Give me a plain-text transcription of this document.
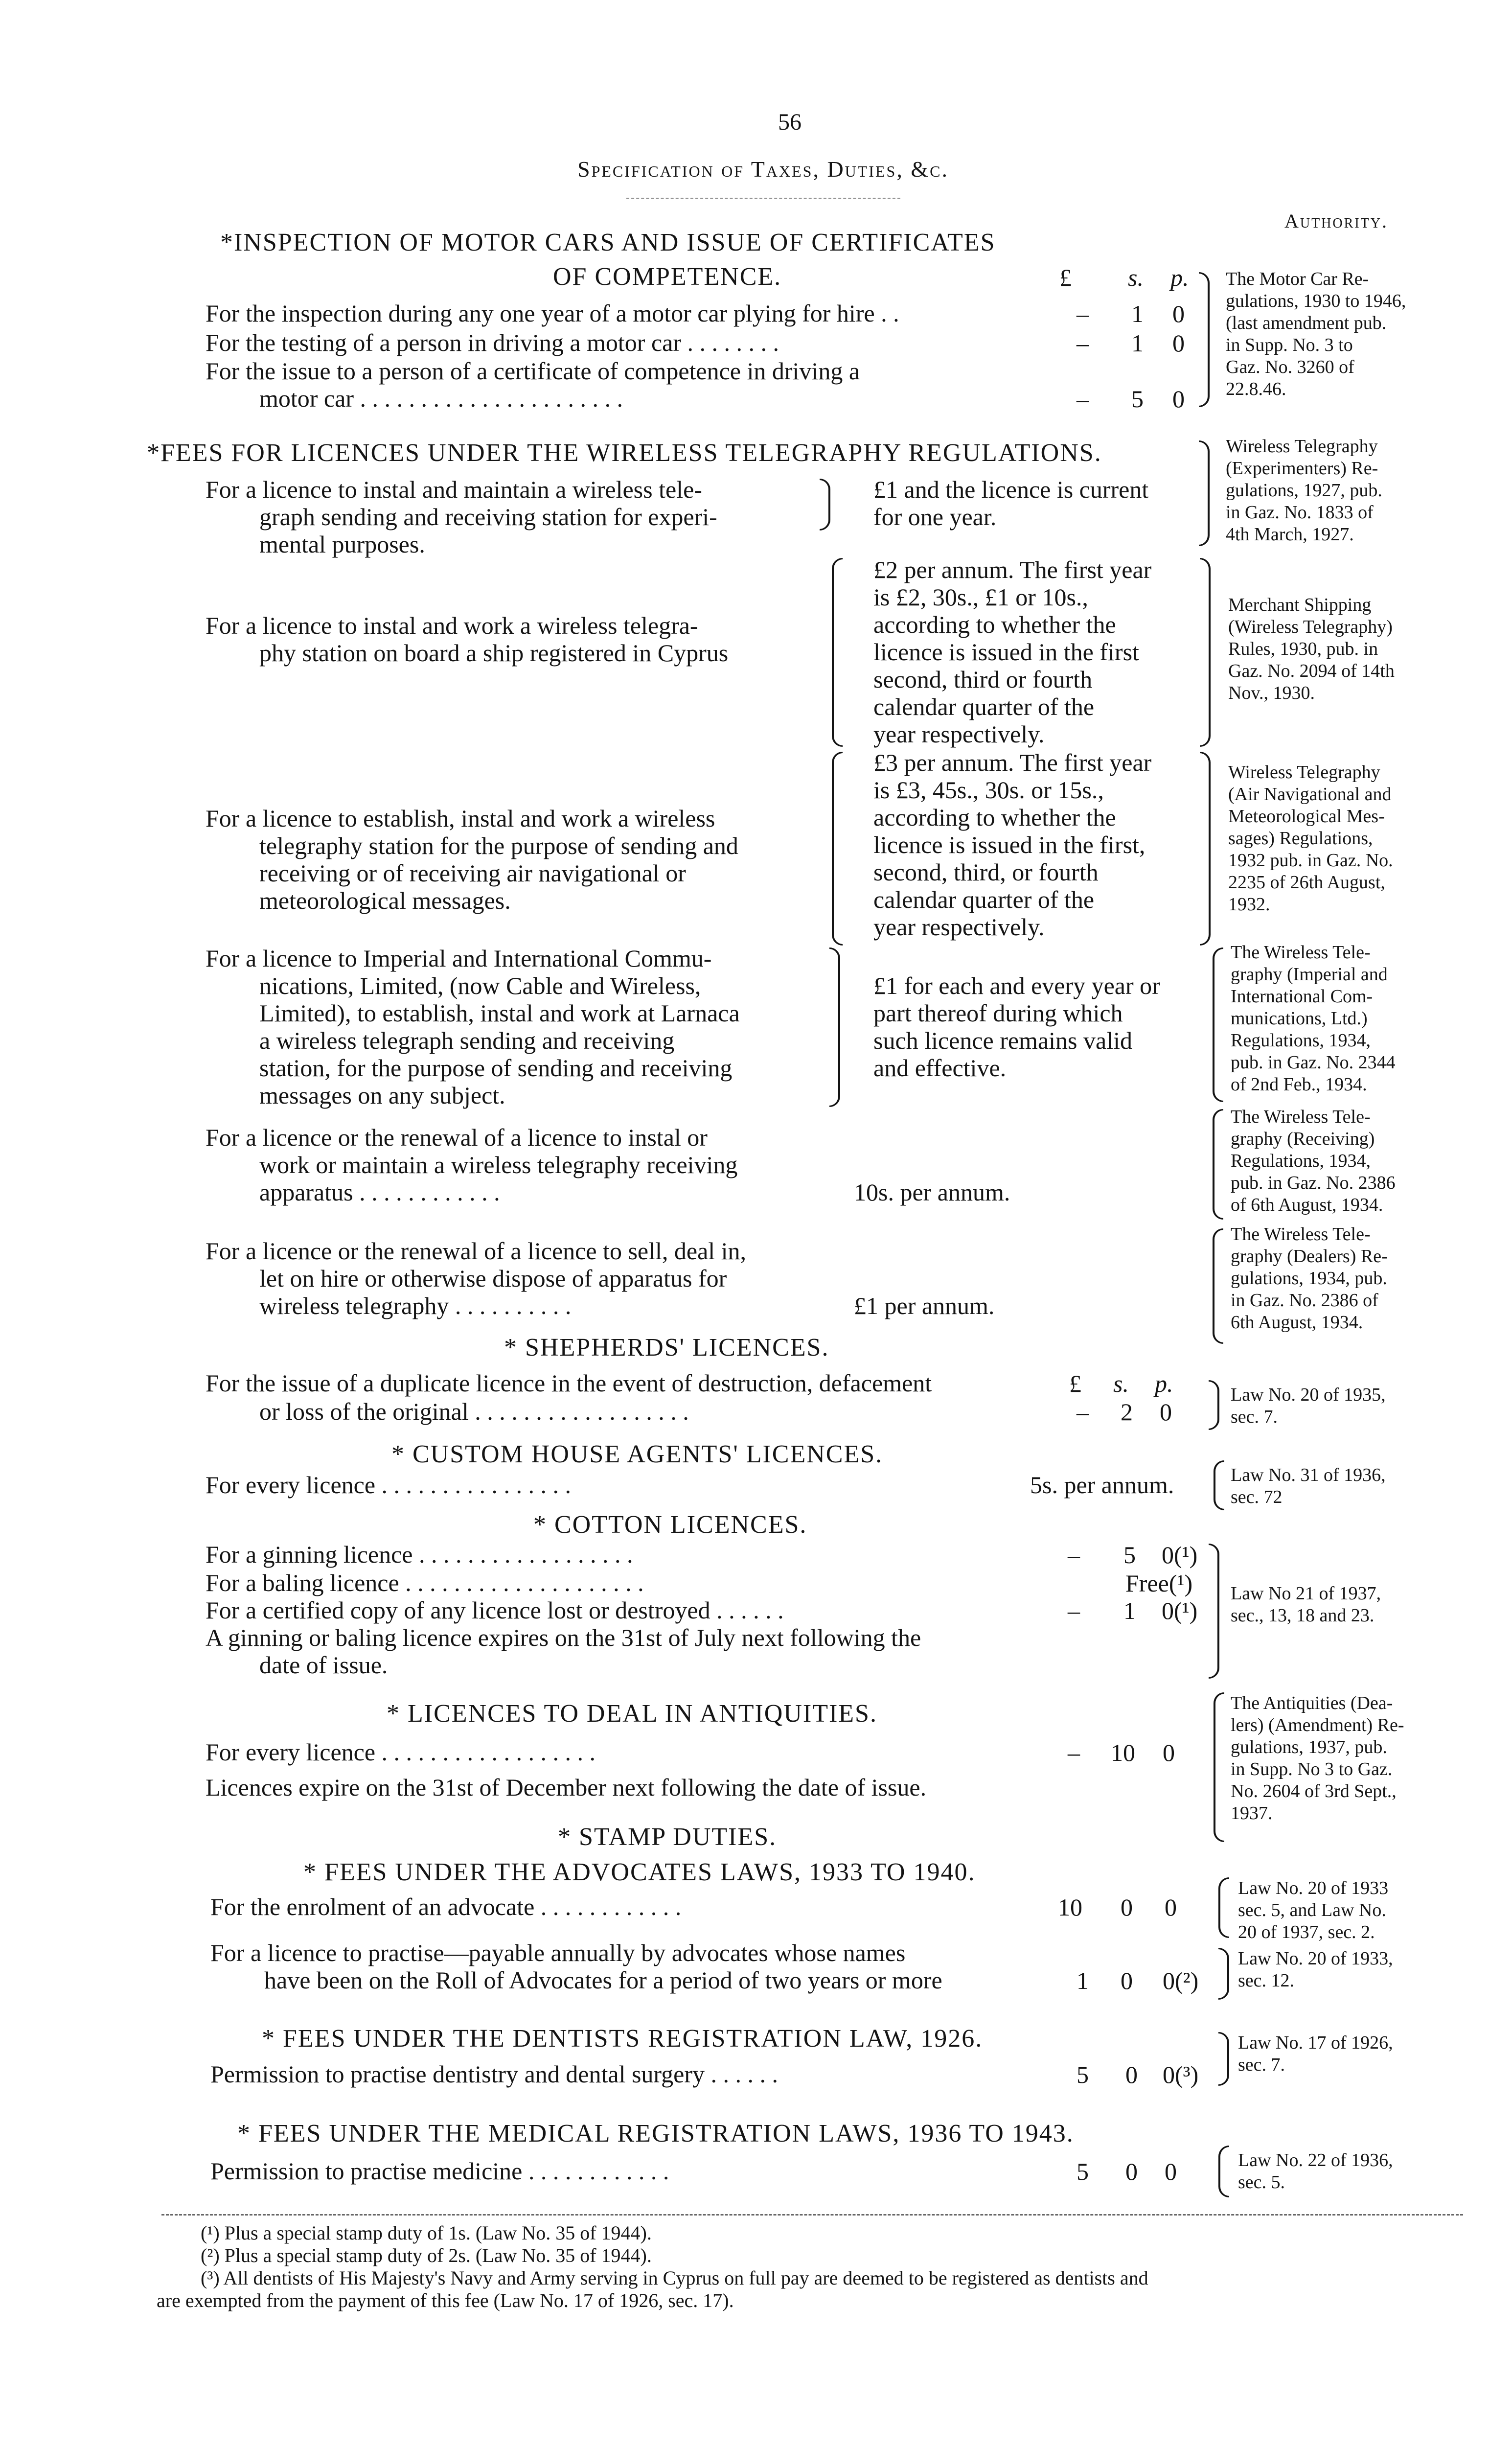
56
Specification of Taxes, Duties, &c.
Authority.
*INSPECTION OF MOTOR CARS AND ISSUE OF CERTIFICATES
OF COMPETENCE.	£ s. p.
For the inspection during any one year of a motor car plying for hire . .	– 1 0
For the testing of a person in driving a motor car . . . . . . . .	– 1 0
For the issue to a person of a certificate of competence in driving a
motor car . . . . . . . . . . . . . . . . . . . . . .	– 5 0
The Motor Car Re-
gulations, 1930 to 1946,
(last amendment pub.
in Supp. No. 3 to
Gaz. No. 3260 of
22.8.46.
*FEES FOR LICENCES UNDER THE WIRELESS TELEGRAPHY REGULATIONS.
For a licence to instal and maintain a wireless tele-
graph sending and receiving station for experi-
mental purposes.
£1 and the licence is current
for one year.
Wireless Telegraphy
(Experimenters) Re-
gulations, 1927, pub.
in Gaz. No. 1833 of
4th March, 1927.
For a licence to instal and work a wireless telegra-
phy station on board a ship registered in Cyprus
£2 per annum. The first year
is £2, 30s., £1 or 10s.,
according to whether the
licence is issued in the first
second, third or fourth
calendar quarter of the
year respectively.
Merchant Shipping
(Wireless Telegraphy)
Rules, 1930, pub. in
Gaz. No. 2094 of 14th
Nov., 1930.
For a licence to establish, instal and work a wireless
telegraphy station for the purpose of sending and
receiving or of receiving air navigational or
meteorological messages.
£3 per annum. The first year
is £3, 45s., 30s. or 15s.,
according to whether the
licence is issued in the first,
second, third, or fourth
calendar quarter of the
year respectively.
Wireless Telegraphy
(Air Navigational and
Meteorological Mes-
sages) Regulations,
1932 pub. in Gaz. No.
2235 of 26th August,
1932.
For a licence to Imperial and International Commu-
nications, Limited, (now Cable and Wireless,
Limited), to establish, instal and work at Larnaca
a wireless telegraph sending and receiving
station, for the purpose of sending and receiving
messages on any subject.
£1 for each and every year or
part thereof during which
such licence remains valid
and effective.
The Wireless Tele-
graphy (Imperial and
International Com-
munications, Ltd.)
Regulations, 1934,
pub. in Gaz. No. 2344
of 2nd Feb., 1934.
For a licence or the renewal of a licence to instal or
work or maintain a wireless telegraphy receiving
apparatus . . . . . . . . . . . .	10s. per annum.
The Wireless Tele-
graphy (Receiving)
Regulations, 1934,
pub. in Gaz. No. 2386
of 6th August, 1934.
For a licence or the renewal of a licence to sell, deal in,
let on hire or otherwise dispose of apparatus for
wireless telegraphy . . . . . . . . . .	£1 per annum.
The Wireless Tele-
graphy (Dealers) Re-
gulations, 1934, pub.
in Gaz. No. 2386 of
6th August, 1934.
* SHEPHERDS' LICENCES.
For the issue of a duplicate licence in the event of destruction, defacement
or loss of the original . . . . . . . . . . . . . . . . . .
£ s. p.
– 2 0
Law No. 20 of 1935,
sec. 7.
* CUSTOM HOUSE AGENTS' LICENCES.
For every licence . . . . . . . . . . . . . . . .	5s. per annum.	Law No. 31 of 1936,
sec. 72
* COTTON LICENCES.
For a ginning licence . . . . . . . . . . . . . . . . . .	– 5 0(¹)
For a baling licence . . . . . . . . . . . . . . . . . . . .	Free(¹)
For a certified copy of any licence lost or destroyed . . . . . .	– 1 0(¹)
A ginning or baling licence expires on the 31st of July next following the
date of issue.
Law No 21 of 1937,
sec., 13, 18 and 23.
* LICENCES TO DEAL IN ANTIQUITIES.
For every licence . . . . . . . . . . . . . . . . . .	– 10 0
Licences expire on the 31st of December next following the date of issue.
The Antiquities (Dea-
lers) (Amendment) Re-
gulations, 1937, pub.
in Supp. No 3 to Gaz.
No. 2604 of 3rd Sept.,
1937.
* STAMP DUTIES.
* FEES UNDER THE ADVOCATES LAWS, 1933 TO 1940.
For the enrolment of an advocate . . . . . . . . . . . .	10 0 0
Law No. 20 of 1933
sec. 5, and Law No.
20 of 1937, sec. 2.
For a licence to practise—payable annually by advocates whose names
have been on the Roll of Advocates for a period of two years or more	1 0 0(²)
Law No. 20 of 1933,
sec. 12.
* FEES UNDER THE DENTISTS REGISTRATION LAW, 1926.
Permission to practise dentistry and dental surgery . . . . . .	5 0 0(³)
Law No. 17 of 1926,
sec. 7.
* FEES UNDER THE MEDICAL REGISTRATION LAWS, 1936 TO 1943.
Permission to practise medicine . . . . . . . . . . . .	5 0 0	Law No. 22 of 1936,
sec. 5.
(¹) Plus a special stamp duty of 1s. (Law No. 35 of 1944).
(²) Plus a special stamp duty of 2s. (Law No. 35 of 1944).
(³) All dentists of His Majesty's Navy and Army serving in Cyprus on full pay are deemed to be registered as dentists and
are exempted from the payment of this fee (Law No. 17 of 1926, sec. 17).
